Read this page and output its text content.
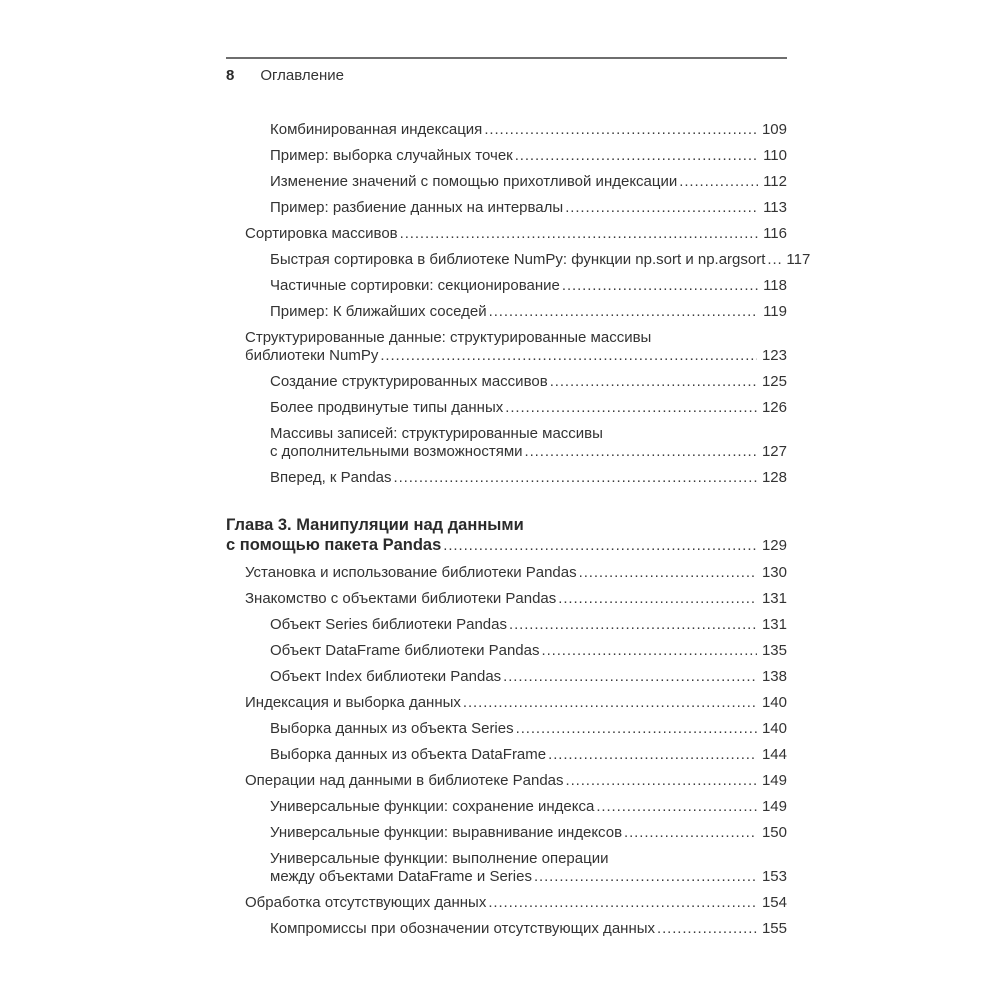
8 Оглавление
Комбинированная индексация .....	109
Пример: выборка случайных точек .....	110
Изменение значений с помощью прихотливой индексации .....	112
Пример: разбиение данных на интервалы .....	113
Сортировка массивов .....	116
Быстрая сортировка в библиотеке NumPy: функции np.sort и np.argsort ..... 117
Частичные сортировки: секционирование .....	118
Пример: К ближайших соседей .....	119
Структурированные данные: структурированные массивы
библиотеки NumPy .....	123
Создание структурированных массивов .....	125
Более продвинутые типы данных .....	126
Массивы записей: структурированные массивы
с дополнительными возможностями .....	127
Вперед, к Pandas .....	128
Глава 3. Манипуляции над данными
с помощью пакета Pandas .....	129
Установка и использование библиотеки Pandas .....	130
Знакомство с объектами библиотеки Pandas .....	131
Объект Series библиотеки Pandas .....	131
Объект DataFrame библиотеки Pandas .....	135
Объект Index библиотеки Pandas .....	138
Индексация и выборка данных .....	140
Выборка данных из объекта Series .....	140
Выборка данных из объекта DataFrame .....	144
Операции над данными в библиотеке Pandas .....	149
Универсальные функции: сохранение индекса .....	149
Универсальные функции: выравнивание индексов .....	150
Универсальные функции: выполнение операции
между объектами DataFrame и Series .....	153
Обработка отсутствующих данных .....	154
Компромиссы при обозначении отсутствующих данных .....	155
